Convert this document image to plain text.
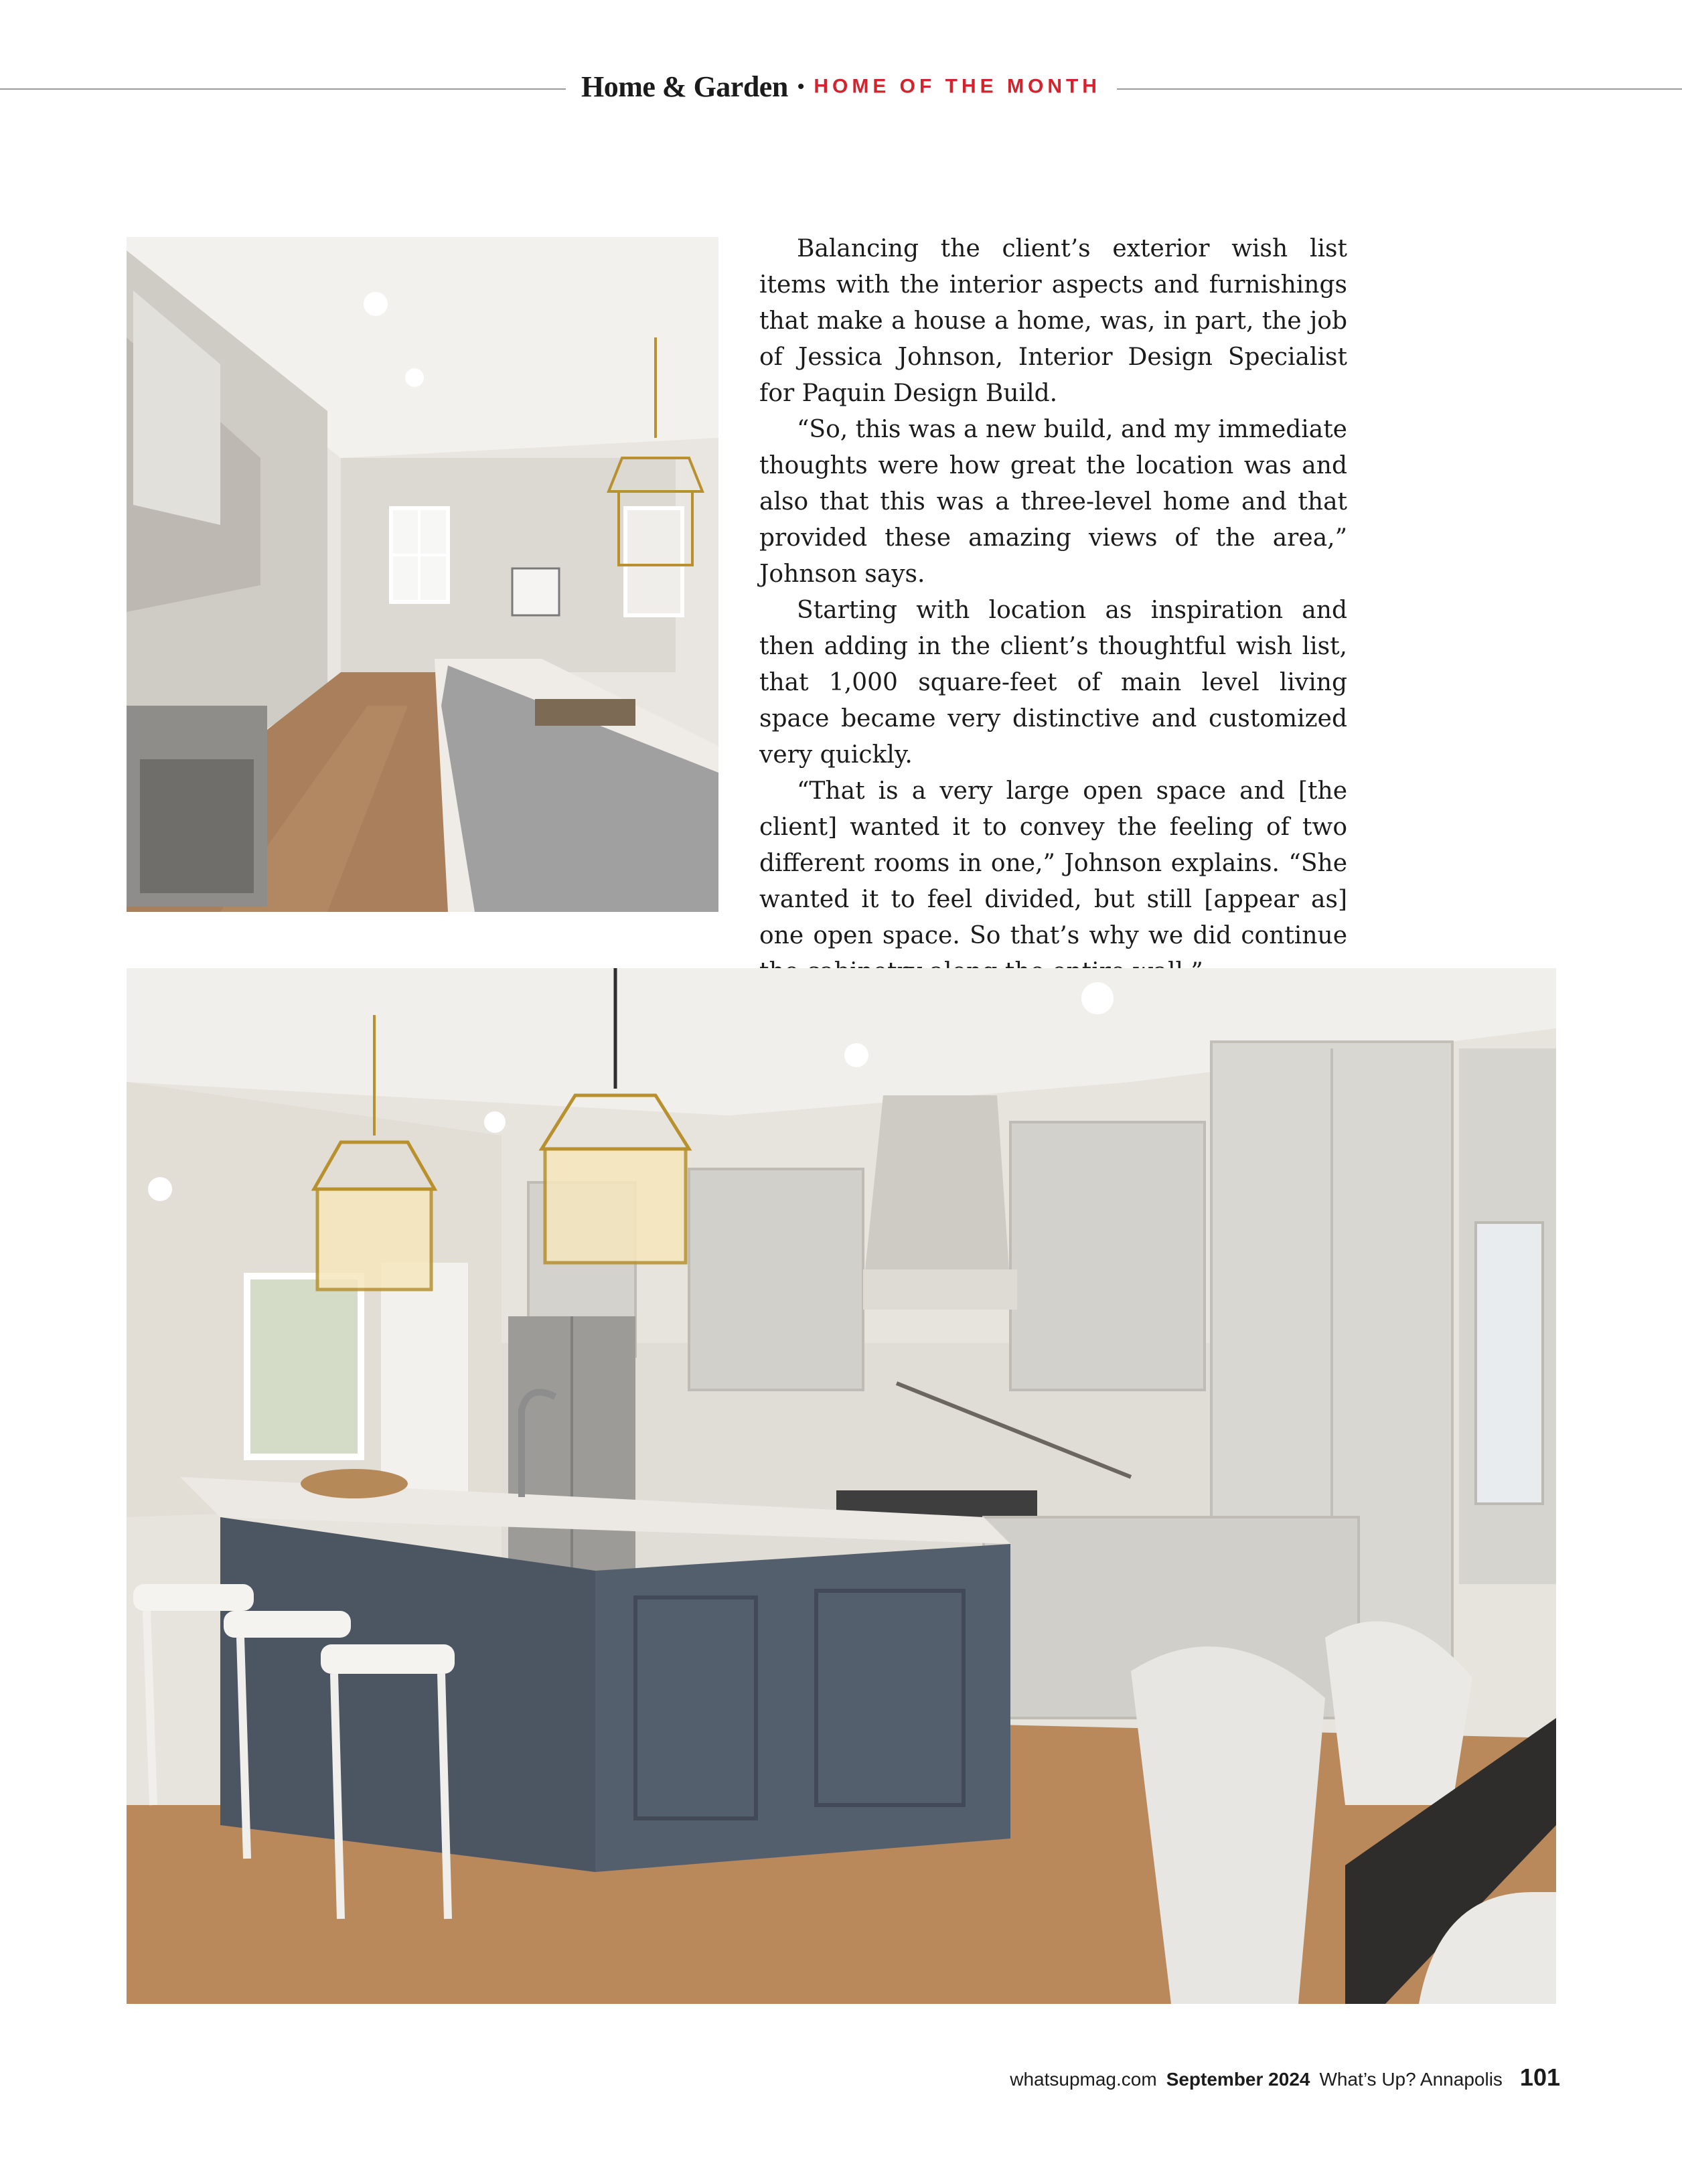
Home & Garden • HOME OF THE MONTH

Balancing the client’s exterior wish list items with the interior aspects and furnishings that make a house a home, was, in part, the job of Jessica Johnson, Interior Design Specialist for Paquin Design Build.

“So, this was a new build, and my immediate thoughts were how great the location was and also that this was a three-level home and that provided these amazing views of the area,” Johnson says.

Starting with location as inspiration and then adding in the client’s thoughtful wish list, that 1,000 square-feet of main level living space became very distinctive and customized very quickly.

“That is a very large open space and [the client] wanted it to convey the feeling of two different rooms in one,” Johnson explains. “She wanted it to feel divided, but still [appear as] one open space. So that’s why we did continue

whatsupmag.com September 2024 What’s Up? Annapolis 101
